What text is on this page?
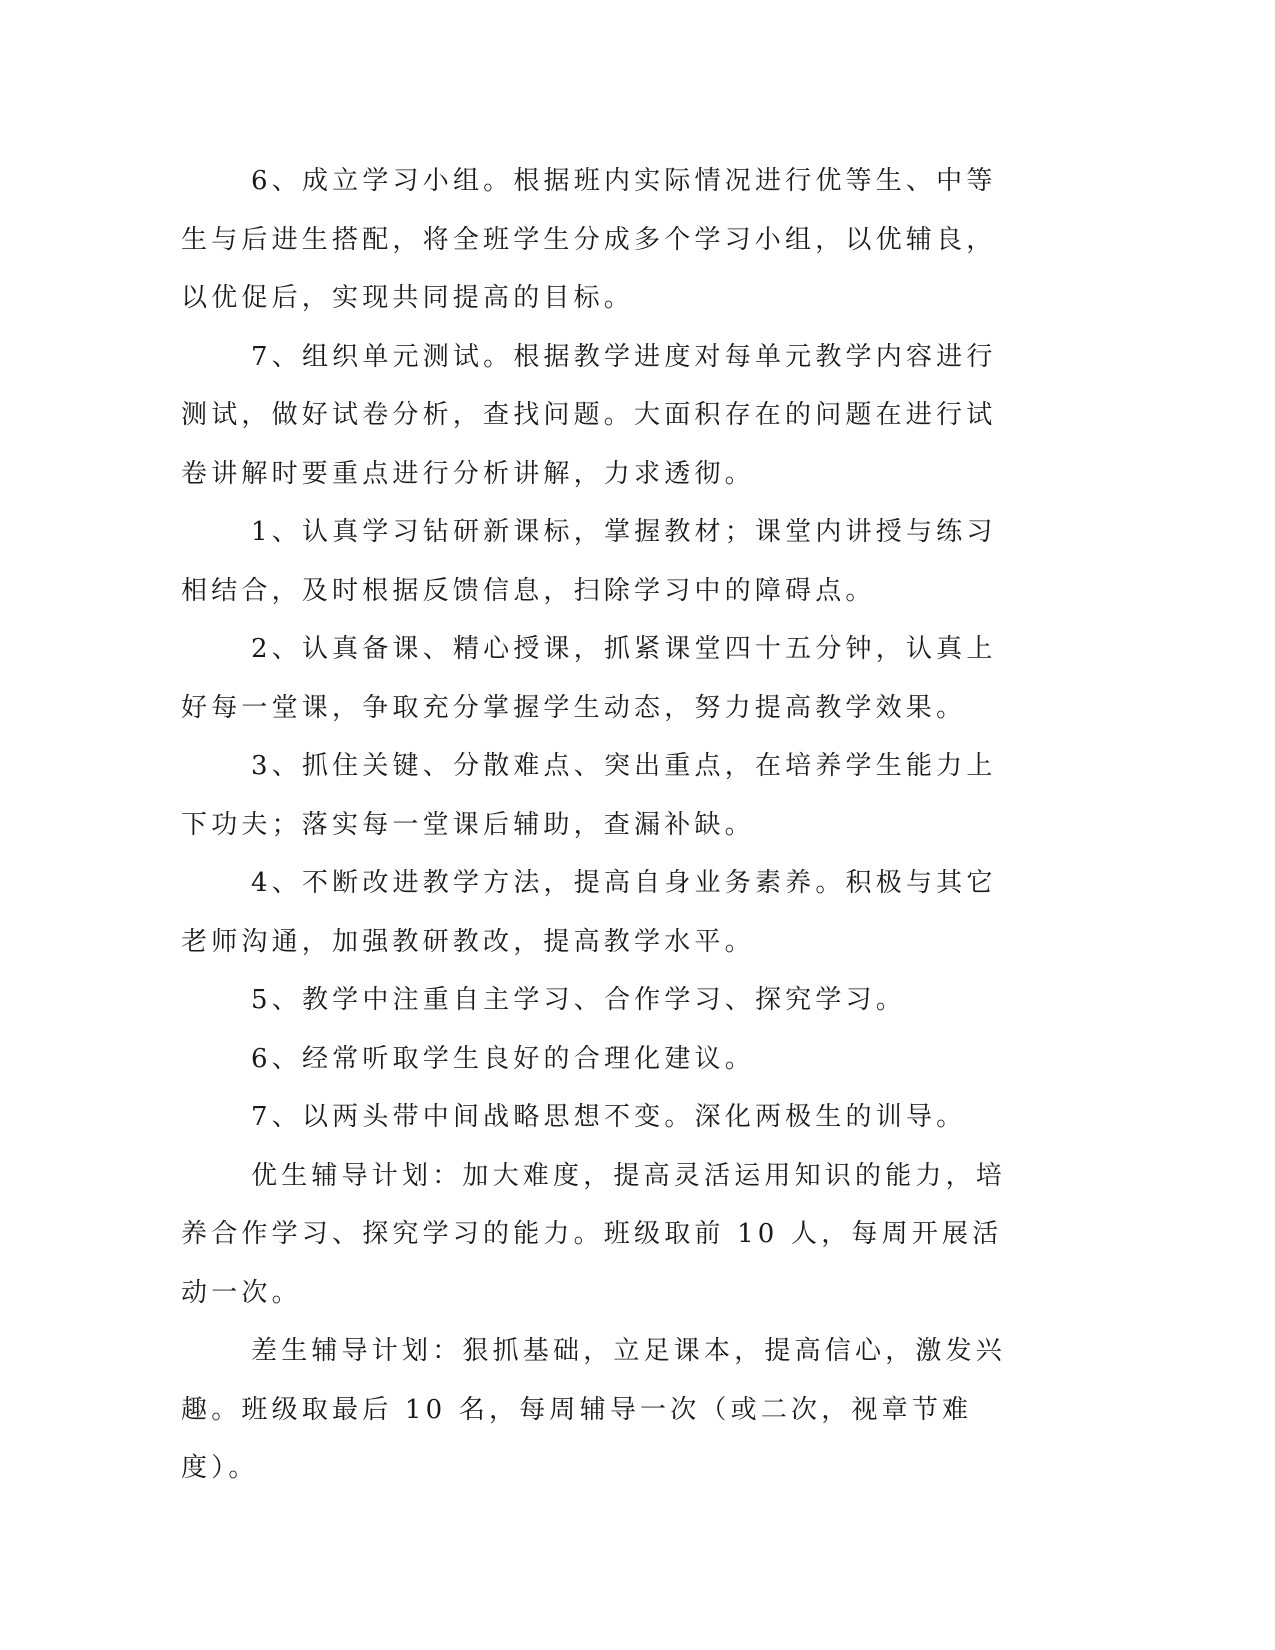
6、成立学习小组。根据班内实际情况进行优等生、中等生与后进生搭配，将全班学生分成多个学习小组，以优辅良，以优促后，实现共同提高的目标。

7、组织单元测试。根据教学进度对每单元教学内容进行测试，做好试卷分析，查找问题。大面积存在的问题在进行试卷讲解时要重点进行分析讲解，力求透彻。

1、认真学习钻研新课标，掌握教材；课堂内讲授与练习相结合，及时根据反馈信息，扫除学习中的障碍点。

2、认真备课、精心授课，抓紧课堂四十五分钟，认真上好每一堂课，争取充分掌握学生动态，努力提高教学效果。

3、抓住关键、分散难点、突出重点，在培养学生能力上下功夫；落实每一堂课后辅助，查漏补缺。

4、不断改进教学方法，提高自身业务素养。积极与其它老师沟通，加强教研教改，提高教学水平。

5、教学中注重自主学习、合作学习、探究学习。

6、经常听取学生良好的合理化建议。

7、以两头带中间战略思想不变。深化两极生的训导。

优生辅导计划：加大难度，提高灵活运用知识的能力，培养合作学习、探究学习的能力。班级取前 10 人，每周开展活动一次。

差生辅导计划：狠抓基础，立足课本，提高信心，激发兴趣。班级取最后 10 名，每周辅导一次（或二次，视章节难度）。
